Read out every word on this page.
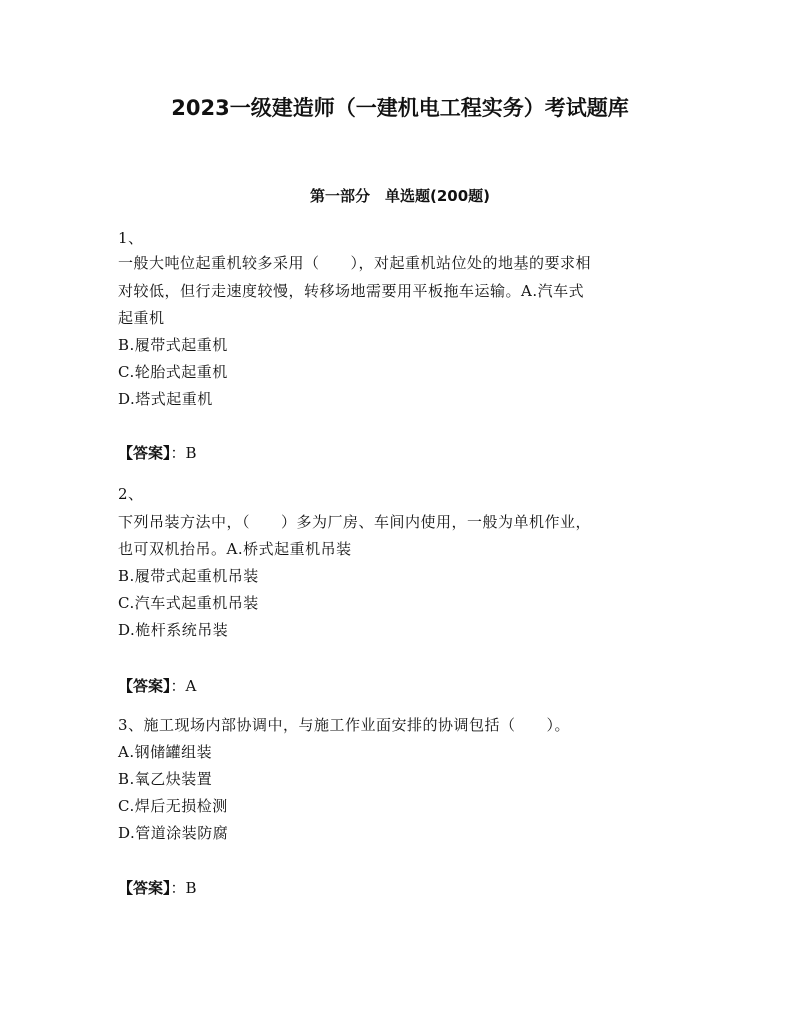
2023一级建造师（一建机电工程实务）考试题库
第一部分　单选题(200题)
1、
一般大吨位起重机较多采用（　　），对起重机站位处的地基的要求相
对较低，但行走速度较慢，转移场地需要用平板拖车运输。A.汽车式
起重机
B.履带式起重机
C.轮胎式起重机
D.塔式起重机
【答案】：B
2、
下列吊装方法中，（　　）多为厂房、车间内使用，一般为单机作业，
也可双机抬吊。A.桥式起重机吊装
B.履带式起重机吊装
C.汽车式起重机吊装
D.桅杆系统吊装
【答案】：A
3、施工现场内部协调中，与施工作业面安排的协调包括（　　）。
A.钢储罐组装
B.氧乙炔装置
C.焊后无损检测
D.管道涂装防腐
【答案】：B
